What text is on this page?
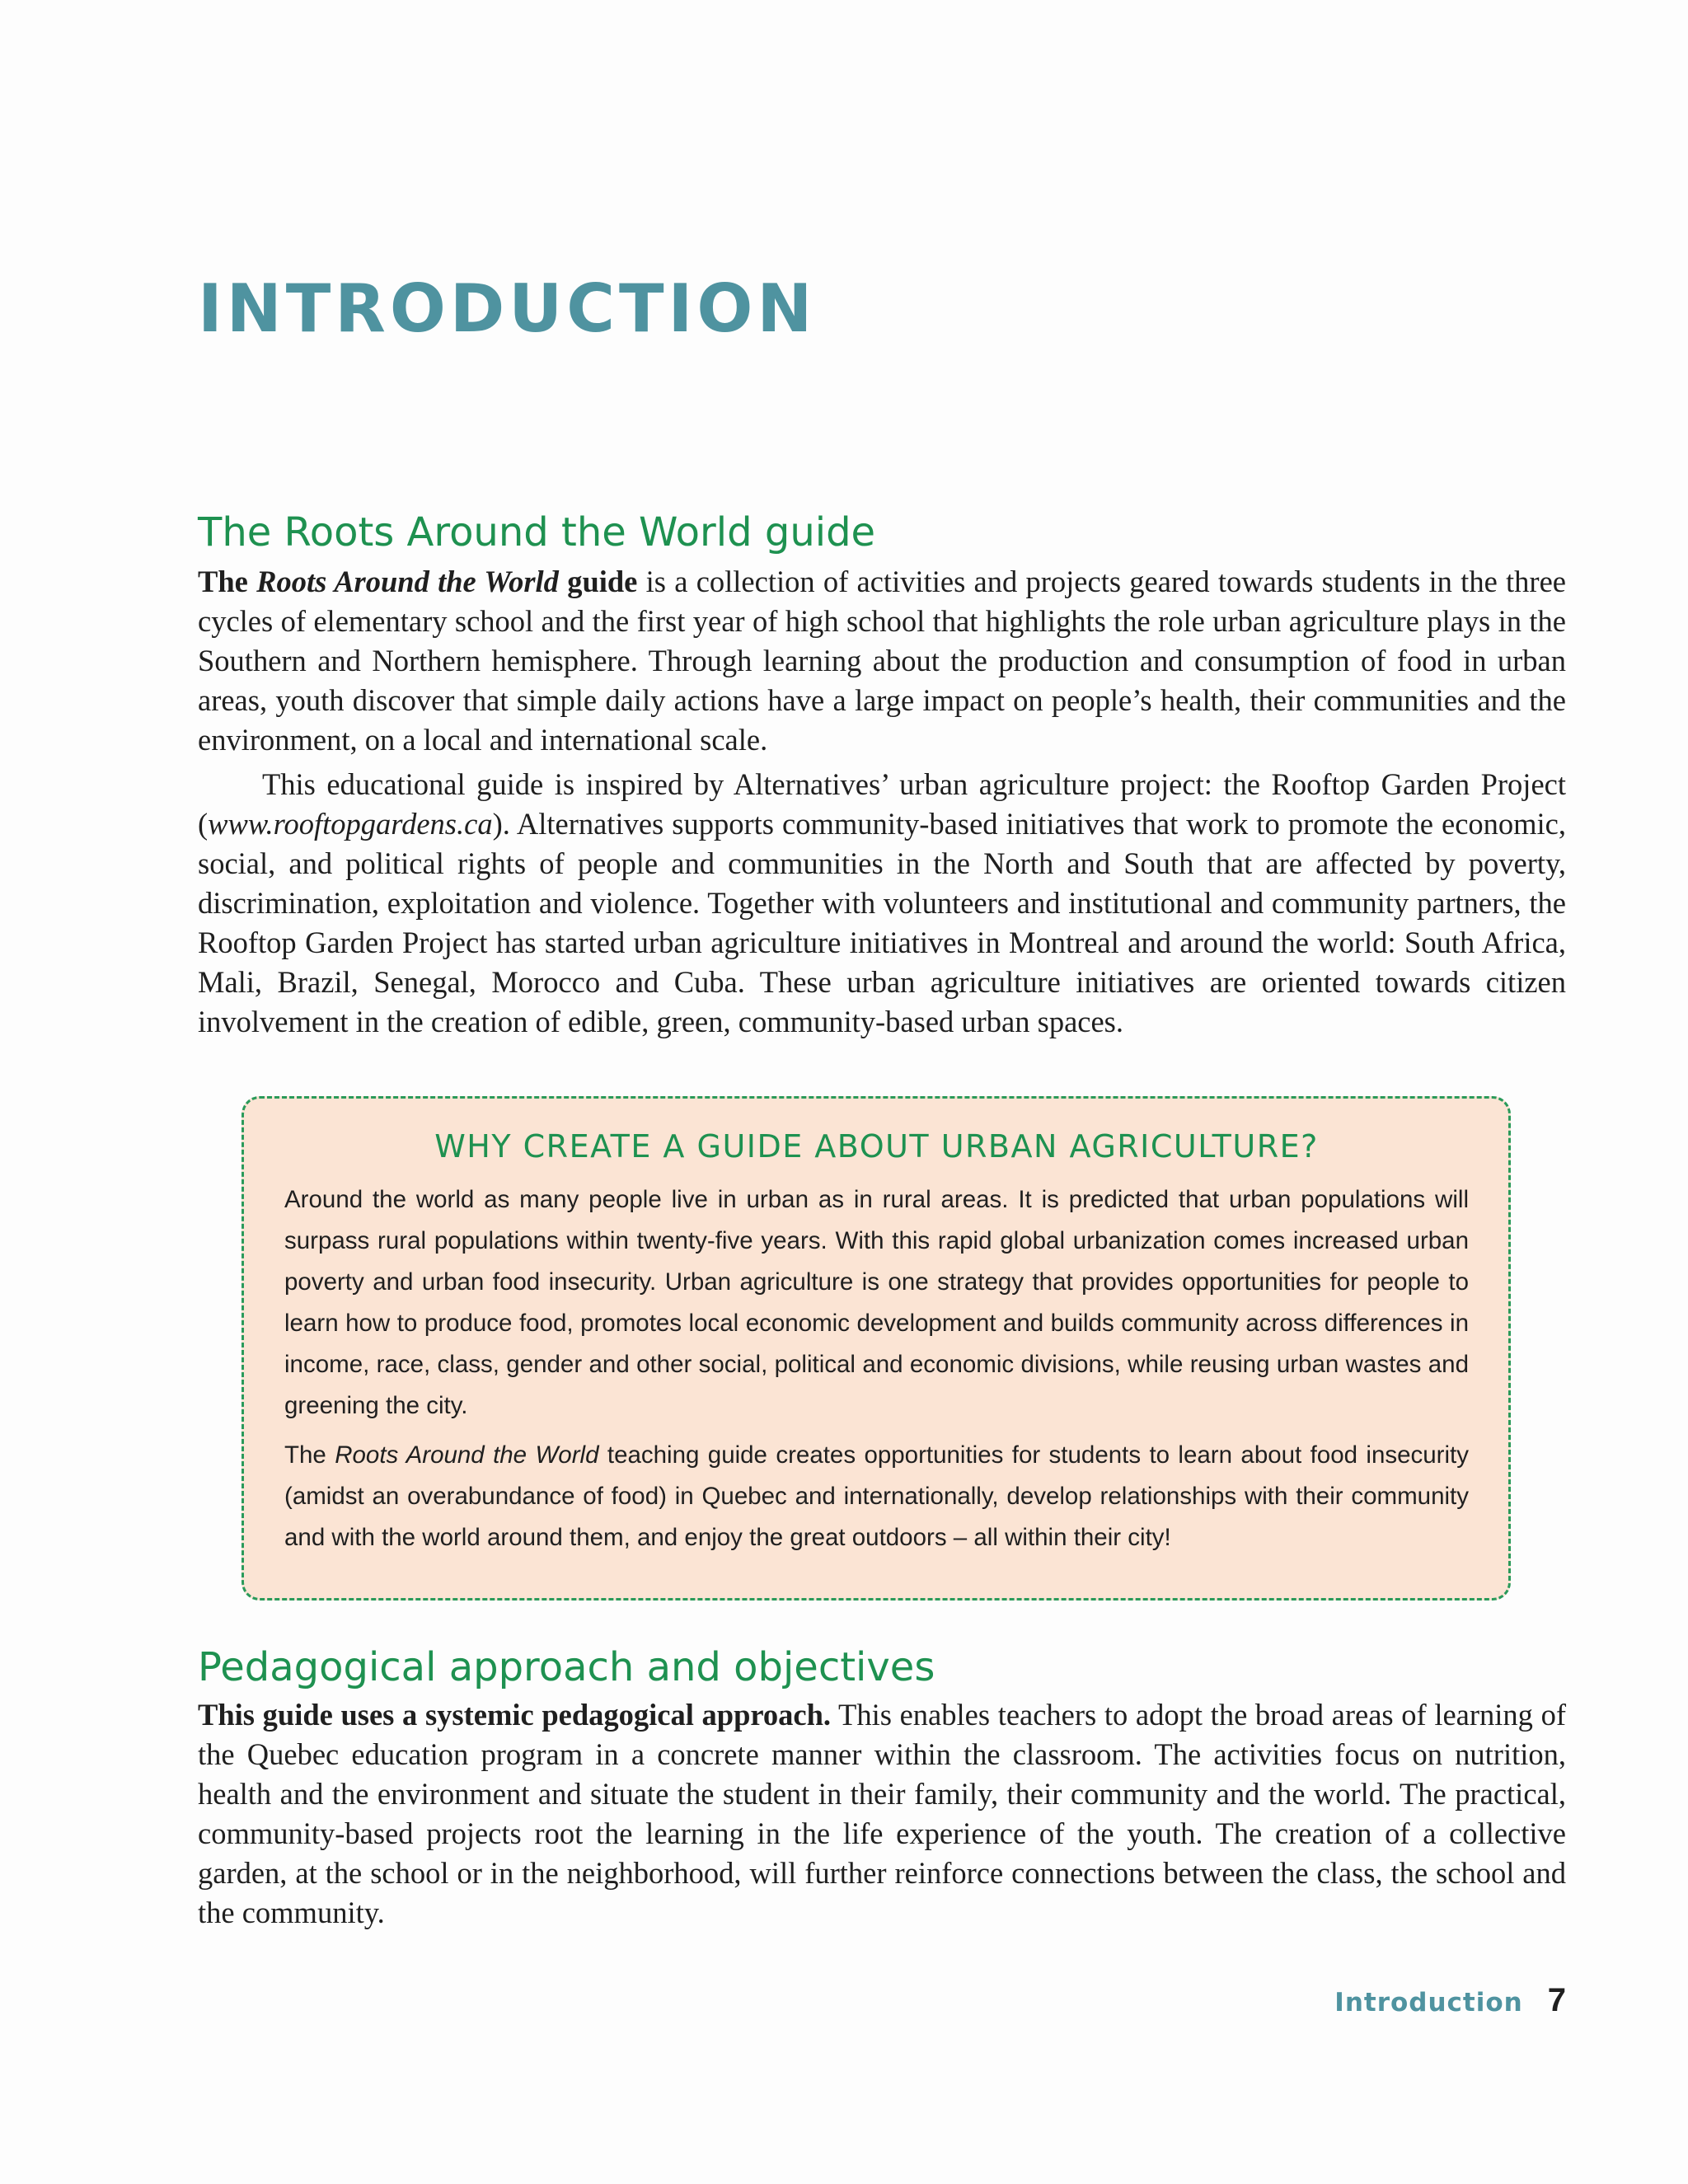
INTRODUCTION
The Roots Around the World guide

The Roots Around the World guide is a collection of activities and projects geared towards students in the three cycles of elementary school and the first year of high school that highlights the role urban agriculture plays in the Southern and Northern hemisphere. Through learning about the production and consumption of food in urban areas, youth discover that simple daily actions have a large impact on people’s health, their communities and the environment, on a local and international scale.

This educational guide is inspired by Alternatives’ urban agriculture project: the Rooftop Garden Project (www.rooftopgardens.ca). Alternatives supports community-based initiatives that work to promote the economic, social, and political rights of people and communities in the North and South that are affected by poverty, discrimination, exploitation and violence. Together with volunteers and institutional and community partners, the Rooftop Garden Project has started urban agriculture initiatives in Montreal and around the world: South Africa, Mali, Brazil, Senegal, Morocco and Cuba. These urban agriculture initiatives are oriented towards citizen involvement in the creation of edible, green, community-based urban spaces.

WHY CREATE A GUIDE ABOUT URBAN AGRICULTURE?

Around the world as many people live in urban as in rural areas. It is predicted that urban populations will surpass rural populations within twenty-five years. With this rapid global urbanization comes increased urban poverty and urban food insecurity. Urban agriculture is one strategy that provides opportunities for people to learn how to produce food, promotes local economic development and builds community across differences in income, race, class, gender and other social, political and economic divisions, while reusing urban wastes and greening the city.

The Roots Around the World teaching guide creates opportunities for students to learn about food insecurity (amidst an overabundance of food) in Quebec and internationally, develop relationships with their community and with the world around them, and enjoy the great outdoors – all within their city!

Pedagogical approach and objectives

This guide uses a systemic pedagogical approach. This enables teachers to adopt the broad areas of learning of the Quebec education program in a concrete manner within the classroom. The activities focus on nutrition, health and the environment and situate the student in their family, their community and the world. The practical, community-based projects root the learning in the life experience of the youth. The creation of a collective garden, at the school or in the neighborhood, will further reinforce connections between the class, the school and the community.

Introduction 7
